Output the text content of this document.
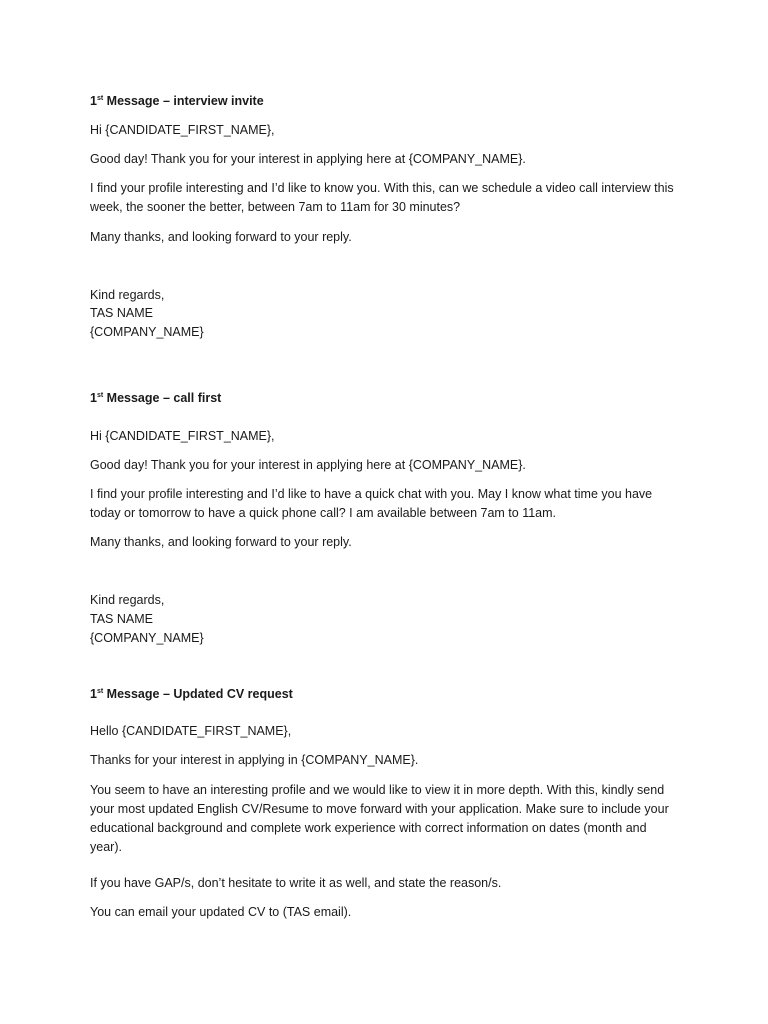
1st Message – interview invite

Hi {CANDIDATE_FIRST_NAME},

Good day! Thank you for your interest in applying here at {COMPANY_NAME}.

I find your profile interesting and I’d like to know you. With this, can we schedule a video call interview this week, the sooner the better, between 7am to 11am for 30 minutes?

Many thanks, and looking forward to your reply.

Kind regards,

TAS NAME

{COMPANY_NAME}

1st Message – call first

Hi {CANDIDATE_FIRST_NAME},

Good day! Thank you for your interest in applying here at {COMPANY_NAME}.

I find your profile interesting and I’d like to have a quick chat with you. May I know what time you have today or tomorrow to have a quick phone call? I am available between 7am to 11am.

Many thanks, and looking forward to your reply.

Kind regards,

TAS NAME

{COMPANY_NAME}

1st Message – Updated CV request

Hello {CANDIDATE_FIRST_NAME},

Thanks for your interest in applying in {COMPANY_NAME}.

You seem to have an interesting profile and we would like to view it in more depth. With this, kindly send your most updated English CV/Resume to move forward with your application. Make sure to include your educational background and complete work experience with correct information on dates (month and year).

If you have GAP/s, don’t hesitate to write it as well, and state the reason/s.

You can email your updated CV to (TAS email).
